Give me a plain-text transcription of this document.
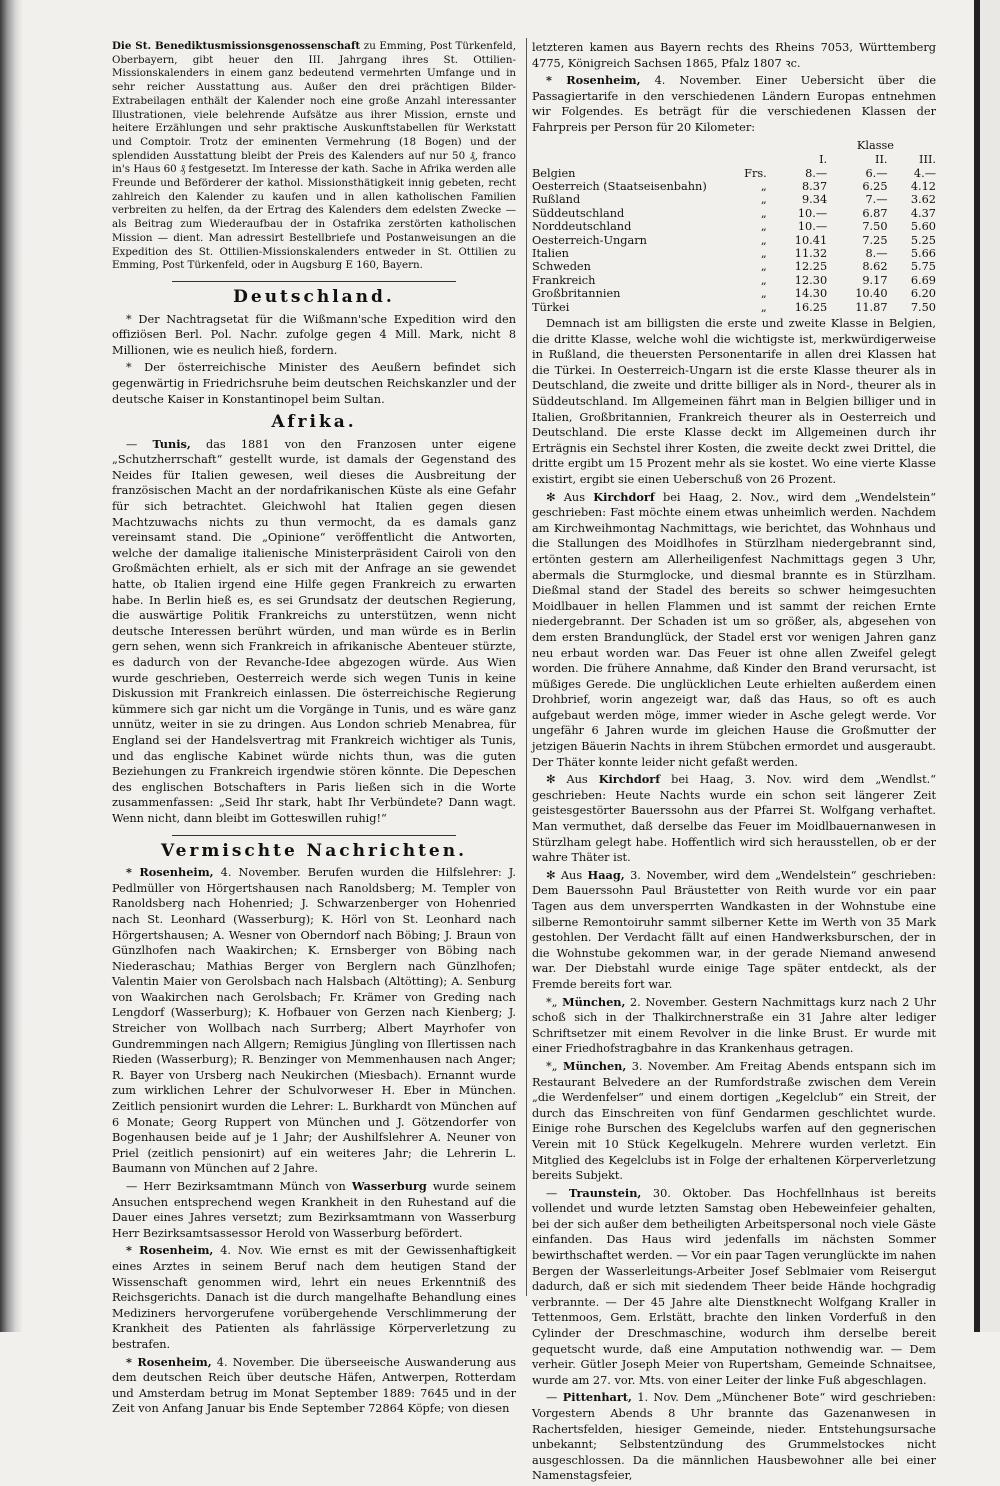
Die St. Benediktusmissionsgenossenschaft zu Emming, Post Türkenfeld, Oberbayern, gibt heuer den III. Jahrgang ihres St. Ottilien-Missionskalenders in einem ganz bedeutend vermehrten Umfange und in sehr reicher Ausstattung aus. Außer den drei prächtigen Bilder-Extrabeilagen enthält der Kalender noch eine große Anzahl interessanter Illustrationen, viele belehrende Aufsätze aus ihrer Mission, ernste und heitere Erzählungen und sehr praktische Auskunftstabellen für Werkstatt und Comptoir. Trotz der eminenten Vermehrung (18 Bogen) und der splendiden Ausstattung bleibt der Preis des Kalenders auf nur 50 ₰, franco in's Haus 60 ₰ festgesetzt. Im Interesse der kath. Sache in Afrika werden alle Freunde und Beförderer der kathol. Missionsthätigkeit innig gebeten, recht zahlreich den Kalender zu kaufen und in allen katholischen Familien verbreiten zu helfen, da der Ertrag des Kalenders dem edelsten Zwecke — als Beitrag zum Wiederaufbau der in Ostafrika zerstörten katholischen Mission — dient. Man adressirt Bestellbriefe und Postanweisungen an die Expedition des St. Ottilien-Missionskalenders entweder in St. Ottilien zu Emming, Post Türkenfeld, oder in Augsburg E 160, Bayern.

Deutschland.

* Der Nachtragsetat für die Wißmann'sche Expedition wird den offiziösen Berl. Pol. Nachr. zufolge gegen 4 Mill. Mark, nicht 8 Millionen, wie es neulich hieß, fordern.

* Der österreichische Minister des Aeußern befindet sich gegenwärtig in Friedrichsruhe beim deutschen Reichskanzler und der deutsche Kaiser in Konstantinopel beim Sultan.

Afrika.

— Tunis, das 1881 von den Franzosen unter eigene „Schutzherrschaft“ gestellt wurde, ist damals der Gegenstand des Neides für Italien gewesen, weil dieses die Ausbreitung der französischen Macht an der nordafrikanischen Küste als eine Gefahr für sich betrachtet. Gleichwohl hat Italien gegen diesen Machtzuwachs nichts zu thun vermocht, da es damals ganz vereinsamt stand. Die „Opinione“ veröffentlicht die Antworten, welche der damalige italienische Ministerpräsident Cairoli von den Großmächten erhielt, als er sich mit der Anfrage an sie gewendet hatte, ob Italien irgend eine Hilfe gegen Frankreich zu erwarten habe. In Berlin hieß es, es sei Grundsatz der deutschen Regierung, die auswärtige Politik Frankreichs zu unterstützen, wenn nicht deutsche Interessen berührt würden, und man würde es in Berlin gern sehen, wenn sich Frankreich in afrikanische Abenteuer stürzte, es dadurch von der Revanche-Idee abgezogen würde. Aus Wien wurde geschrieben, Oesterreich werde sich wegen Tunis in keine Diskussion mit Frankreich einlassen. Die österreichische Regierung kümmere sich gar nicht um die Vorgänge in Tunis, und es wäre ganz unnütz, weiter in sie zu dringen. Aus London schrieb Menabrea, für England sei der Handelsvertrag mit Frankreich wichtiger als Tunis, und das englische Kabinet würde nichts thun, was die guten Beziehungen zu Frankreich irgendwie stören könnte. Die Depeschen des englischen Botschafters in Paris ließen sich in die Worte zusammenfassen: „Seid Ihr stark, habt Ihr Verbündete? Dann wagt. Wenn nicht, dann bleibt im Gotteswillen ruhig!“

Vermischte Nachrichten.

* Rosenheim, 4. November. Berufen wurden die Hilfslehrer: J. Pedlmüller von Hörgertshausen nach Ranoldsberg; M. Templer von Ranoldsberg nach Hohenried; J. Schwarzenberger von Hohenried nach St. Leonhard (Wasserburg); K. Hörl von St. Leonhard nach Hörgertshausen; A. Wesner von Oberndorf nach Böbing; J. Braun von Günzlhofen nach Waakirchen; K. Ernsberger von Böbing nach Niederaschau; Mathias Berger von Berglern nach Günzlhofen; Valentin Maier von Gerolsbach nach Halsbach (Altötting); A. Senburg von Waakirchen nach Gerolsbach; Fr. Krämer von Greding nach Lengdorf (Wasserburg); K. Hofbauer von Gerzen nach Kienberg; J. Streicher von Wollbach nach Surrberg; Albert Mayrhofer von Gundremmingen nach Allgern; Remigius Jüngling von Illertissen nach Rieden (Wasserburg); R. Benzinger von Memmenhausen nach Anger; R. Bayer von Ursberg nach Neukirchen (Miesbach). Ernannt wurde zum wirklichen Lehrer der Schulvorweser H. Eber in München. Zeitlich pensionirt wurden die Lehrer: L. Burkhardt von München auf 6 Monate; Georg Ruppert von München und J. Götzendorfer von Bogenhausen beide auf je 1 Jahr; der Aushilfslehrer A. Neuner von Priel (zeitlich pensionirt) auf ein weiteres Jahr; die Lehrerin L. Baumann von München auf 2 Jahre.

— Herr Bezirksamtmann Münch von Wasserburg wurde seinem Ansuchen entsprechend wegen Krankheit in den Ruhestand auf die Dauer eines Jahres versetzt; zum Bezirksamtmann von Wasserburg Herr Bezirksamtsassessor Herold von Wasserburg befördert.

* Rosenheim, 4. Nov. Wie ernst es mit der Gewissenhaftigkeit eines Arztes in seinem Beruf nach dem heutigen Stand der Wissenschaft genommen wird, lehrt ein neues Erkenntniß des Reichsgerichts. Danach ist die durch mangelhafte Behandlung eines Mediziners hervorgerufene vorübergehende Verschlimmerung der Krankheit des Patienten als fahrlässige Körperverletzung zu bestrafen.

* Rosenheim, 4. November. Die überseeische Auswanderung aus dem deutschen Reich über deutsche Häfen, Antwerpen, Rotterdam und Amsterdam betrug im Monat September 1889: 7645 und in der Zeit von Anfang Januar bis Ende September 72864 Köpfe; von diesen

letzteren kamen aus Bayern rechts des Rheins 7053, Württemberg 4775, Königreich Sachsen 1865, Pfalz 1807 ꝛc.

* Rosenheim, 4. November. Einer Uebersicht über die Passagiertarife in den verschiedenen Ländern Europas entnehmen wir Folgendes. Es beträgt für die verschiedenen Klassen der Fahrpreis per Person für 20 Kilometer:

Klasse
		I.	II.	III.
Belgien	Frs.	8.—	6.—	4.—
Oesterreich (Staatseisenbahn)	„	8.37	6.25	4.12
Rußland	„	9.34	7.—	3.62
Süddeutschland	„	10.—	6.87	4.37
Norddeutschland	„	10.—	7.50	5.60
Oesterreich-Ungarn	„	10.41	7.25	5.25
Italien	„	11.32	8.—	5.66
Schweden	„	12.25	8.62	5.75
Frankreich	„	12.30	9.17	6.69
Großbritannien	„	14.30	10.40	6.20
Türkei	„	16.25	11.87	7.50

Demnach ist am billigsten die erste und zweite Klasse in Belgien, die dritte Klasse, welche wohl die wichtigste ist, merkwürdigerweise in Rußland, die theuersten Personentarife in allen drei Klassen hat die Türkei. In Oesterreich-Ungarn ist die erste Klasse theurer als in Deutschland, die zweite und dritte billiger als in Nord-, theurer als in Süddeutschland. Im Allgemeinen fährt man in Belgien billiger und in Italien, Großbritannien, Frankreich theurer als in Oesterreich und Deutschland. Die erste Klasse deckt im Allgemeinen durch ihr Erträgnis ein Sechstel ihrer Kosten, die zweite deckt zwei Drittel, die dritte ergibt um 15 Prozent mehr als sie kostet. Wo eine vierte Klasse existirt, ergibt sie einen Ueberschuß von 26 Prozent.

✻ Aus Kirchdorf bei Haag, 2. Nov., wird dem „Wendelstein“ geschrieben: Fast möchte einem etwas unheimlich werden. Nachdem am Kirchweihmontag Nachmittags, wie berichtet, das Wohnhaus und die Stallungen des Moidlhofes in Stürzlham niedergebrannt sind, ertönten gestern am Allerheiligenfest Nachmittags gegen 3 Uhr, abermals die Sturmglocke, und diesmal brannte es in Stürzlham. Dießmal stand der Stadel des bereits so schwer heimgesuchten Moidlbauer in hellen Flammen und ist sammt der reichen Ernte niedergebrannt. Der Schaden ist um so größer, als, abgesehen von dem ersten Brandunglück, der Stadel erst vor wenigen Jahren ganz neu erbaut worden war. Das Feuer ist ohne allen Zweifel gelegt worden. Die frühere Annahme, daß Kinder den Brand verursacht, ist müßiges Gerede. Die unglücklichen Leute erhielten außerdem einen Drohbrief, worin angezeigt war, daß das Haus, so oft es auch aufgebaut werden möge, immer wieder in Asche gelegt werde. Vor ungefähr 6 Jahren wurde im gleichen Hause die Großmutter der jetzigen Bäuerin Nachts in ihrem Stübchen ermordet und ausgeraubt. Der Thäter konnte leider nicht gefaßt werden.

✻ Aus Kirchdorf bei Haag, 3. Nov. wird dem „Wendlst.“ geschrieben: Heute Nachts wurde ein schon seit längerer Zeit geistesgestörter Bauerssohn aus der Pfarrei St. Wolfgang verhaftet. Man vermuthet, daß derselbe das Feuer im Moidlbauernanwesen in Stürzlham gelegt habe. Hoffentlich wird sich herausstellen, ob er der wahre Thäter ist.

✻ Aus Haag, 3. November, wird dem „Wendelstein“ geschrieben: Dem Bauerssohn Paul Bräustetter von Reith wurde vor ein paar Tagen aus dem unversperrten Wandkasten in der Wohnstube eine silberne Remontoiruhr sammt silberner Kette im Werth von 35 Mark gestohlen. Der Verdacht fällt auf einen Handwerksburschen, der in die Wohnstube gekommen war, in der gerade Niemand anwesend war. Der Diebstahl wurde einige Tage später entdeckt, als der Fremde bereits fort war.

*„ München, 2. November. Gestern Nachmittags kurz nach 2 Uhr schoß sich in der Thalkirchnerstraße ein 31 Jahre alter lediger Schriftsetzer mit einem Revolver in die linke Brust. Er wurde mit einer Friedhofstragbahre in das Krankenhaus getragen.

*„ München, 3. November. Am Freitag Abends entspann sich im Restaurant Belvedere an der Rumfordstraße zwischen dem Verein „die Werdenfelser“ und einem dortigen „Kegelclub“ ein Streit, der durch das Einschreiten von fünf Gendarmen geschlichtet wurde. Einige rohe Burschen des Kegelclubs warfen auf den gegnerischen Verein mit 10 Stück Kegelkugeln. Mehrere wurden verletzt. Ein Mitglied des Kegelclubs ist in Folge der erhaltenen Körperverletzung bereits Subjekt.

— Traunstein, 30. Oktober. Das Hochfellnhaus ist bereits vollendet und wurde letzten Samstag oben Hebeweinfeier gehalten, bei der sich außer dem betheiligten Arbeitspersonal noch viele Gäste einfanden. Das Haus wird jedenfalls im nächsten Sommer bewirthschaftet werden. — Vor ein paar Tagen verunglückte im nahen Bergen der Wasserleitungs-Arbeiter Josef Seblmaier vom Reisergut dadurch, daß er sich mit siedendem Theer beide Hände hochgradig verbrannte. — Der 45 Jahre alte Dienstknecht Wolfgang Kraller in Tettenmoos, Gem. Erlstätt, brachte den linken Vorderfuß in den Cylinder der Dreschmaschine, wodurch ihm derselbe bereit gequetscht wurde, daß eine Amputation nothwendig war. — Dem verheir. Gütler Joseph Meier von Rupertsham, Gemeinde Schnaitsee, wurde am 27. vor. Mts. von einer Leiter der linke Fuß abgeschlagen.

— Pittenhart, 1. Nov. Dem „Münchener Bote“ wird geschrieben: Vorgestern Abends 8 Uhr brannte das Gazenanwesen in Rachertsfelden, hiesiger Gemeinde, nieder. Entstehungsursache unbekannt; Selbstentzündung des Grummelstockes nicht ausgeschlossen. Da die männlichen Hausbewohner alle bei einer Namenstagsfeier,
